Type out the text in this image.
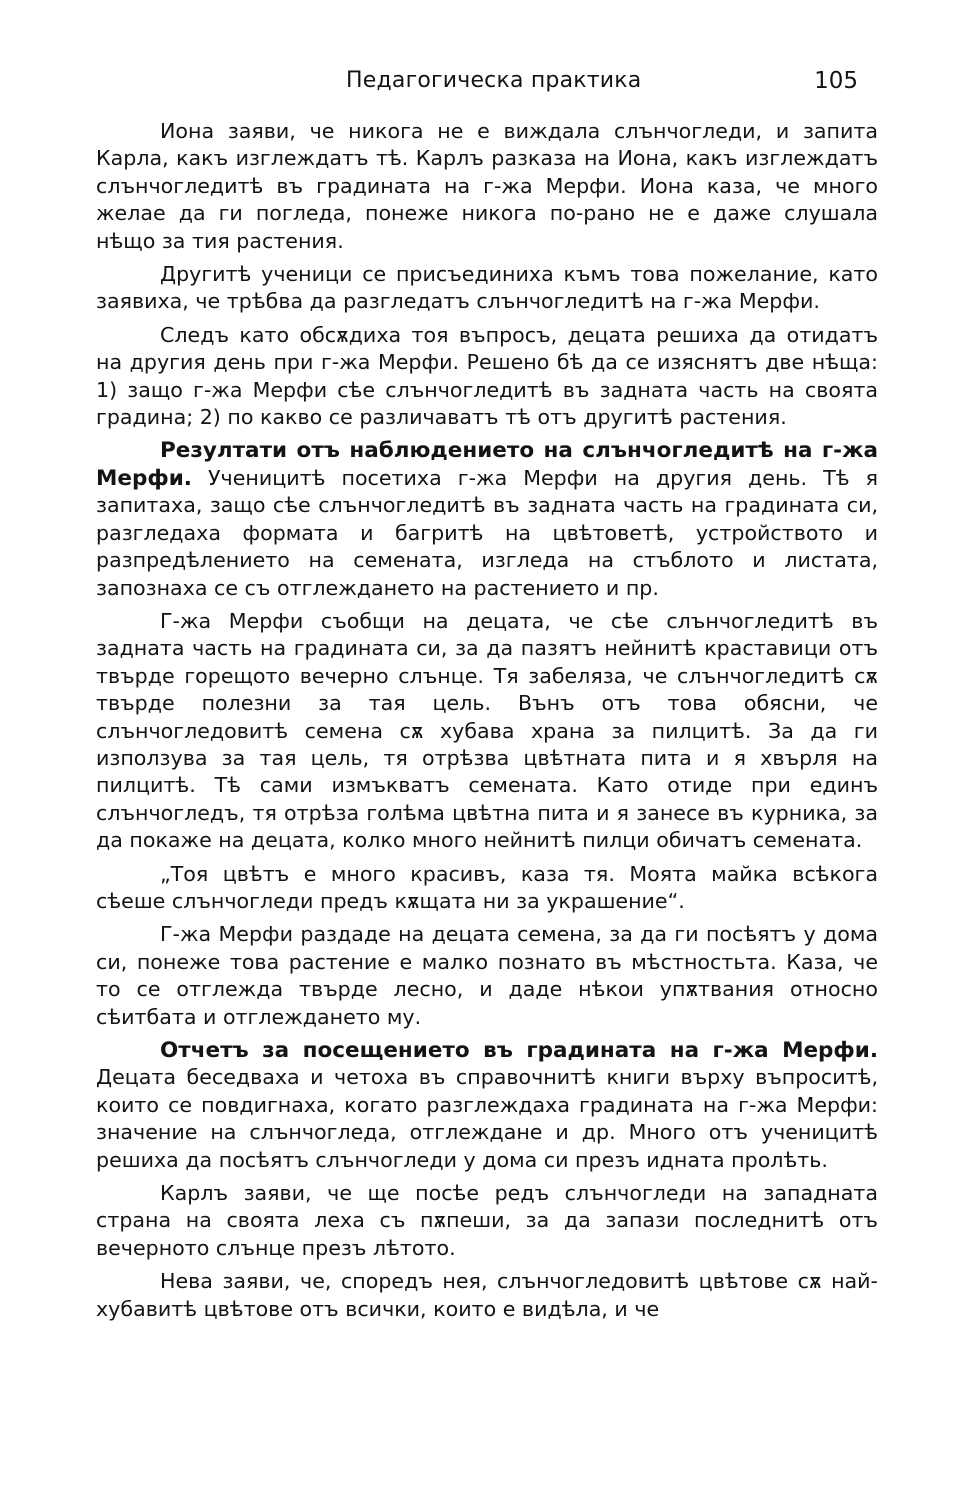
Педагогическа практика	105

Иона заяви, че никога не е виждала слънчогледи, и запита Карла, какъ изглеждатъ тѣ. Карлъ разказа на Иона, какъ изглеждатъ слънчогледитѣ въ градината на г-жа Мерфи. Иона каза, че много желае да ги погледа, понеже никога по-рано не е даже слушала нѣщо за тия растения.

Другитѣ ученици се присъединиха къмъ това пожелание, като заявиха, че трѣбва да разгледатъ слънчогледитѣ на г-жа Мерфи.

Следъ като обсѫдиха тоя въпросъ, децата решиха да отидатъ на другия день при г-жа Мерфи. Решено бѣ да се изяснятъ две нѣща: 1) защо г-жа Мерфи сѣе слънчогледитѣ въ задната часть на своята градина; 2) по какво се различаватъ тѣ отъ другитѣ растения.

Резултати отъ наблюдението на слънчогледитѣ на г-жа Мерфи. Ученицитѣ посетиха г-жа Мерфи на другия день. Тѣ я запитаха, защо сѣе слънчогледитѣ въ задната часть на градината си, разгледаха формата и багритѣ на цвѣтоветѣ, устройството и разпредѣлението на семената, изгледа на стъблото и листата, запознаха се съ отглеждането на растението и пр.

Г-жа Мерфи съобщи на децата, че сѣе слънчогледитѣ въ задната часть на градината си, за да пазятъ нейнитѣ краставици отъ твърде горещото вечерно слънце. Тя забеляза, че слънчогледитѣ сѫ твърде полезни за тая цель. Вънъ отъ това обясни, че слънчогледовитѣ семена сѫ хубава храна за пилцитѣ. За да ги използува за тая цель, тя отрѣзва цвѣтната пита и я хвърля на пилцитѣ. Тѣ сами измъкватъ семената. Като отиде при единъ слънчогледъ, тя отрѣза голѣма цвѣтна пита и я занесе въ курника, за да покаже на децата, колко много нейнитѣ пилци обичатъ семената.

„Тоя цвѣтъ е много красивъ, каза тя. Моята майка всѣкога сѣеше слънчогледи предъ кѫщата ни за украшение“.

Г-жа Мерфи раздаде на децата семена, за да ги посѣятъ у дома си, понеже това растение е малко познато въ мѣстностьта. Каза, че то се отглежда твърде лесно, и даде нѣкои упѫтвания относно сѣитбата и отглеждането му.

Отчетъ за посещението въ градината на г-жа Мерфи. Децата беседваха и четоха въ справочнитѣ книги върху въпроситѣ, които се повдигнаха, когато разглеждаха градината на г-жа Мерфи: значение на слънчогледа, отглеждане и др. Много отъ ученицитѣ решиха да посѣятъ слънчогледи у дома си презъ идната пролѣть.

Карлъ заяви, че ще посѣе редъ слънчогледи на западната страна на своята леха съ пѫпеши, за да запази последнитѣ отъ вечерното слънце презъ лѣтото.

Нева заяви, че, споредъ нея, слънчогледовитѣ цвѣтове сѫ най-хубавитѣ цвѣтове отъ всички, които е видѣла, и че
